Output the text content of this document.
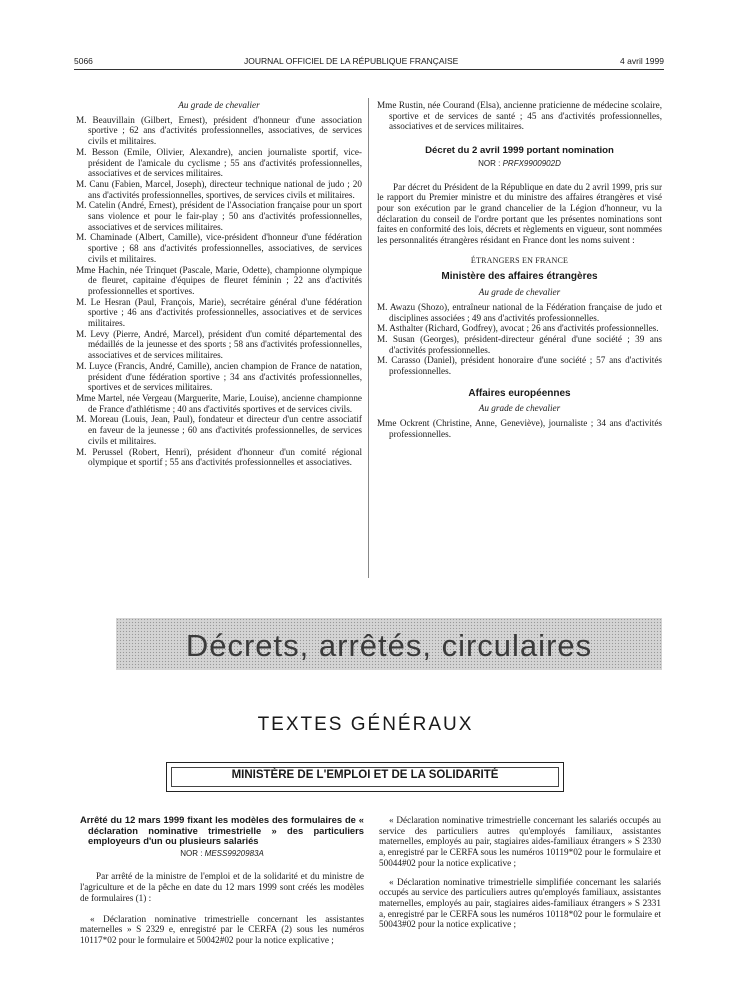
5066	JOURNAL OFFICIEL DE LA RÉPUBLIQUE FRANÇAISE	4 avril 1999

Au grade de chevalier

M. Beauvillain (Gilbert, Ernest), président d'honneur d'une association sportive ; 62 ans d'activités professionnelles, associatives, de services civils et militaires.

M. Besson (Emile, Olivier, Alexandre), ancien journaliste sportif, vice-président de l'amicale du cyclisme ; 55 ans d'activités professionnelles, associatives et de services militaires.

M. Canu (Fabien, Marcel, Joseph), directeur technique national de judo ; 20 ans d'activités professionnelles, sportives, de services civils et militaires.

M. Catelin (André, Ernest), président de l'Association française pour un sport sans violence et pour le fair-play ; 50 ans d'activités professionnelles, associatives et de services militaires.

M. Chaminade (Albert, Camille), vice-président d'honneur d'une fédération sportive ; 68 ans d'activités professionnelles, associatives, de services civils et militaires.

Mme Hachin, née Trinquet (Pascale, Marie, Odette), championne olympique de fleuret, capitaine d'équipes de fleuret féminin ; 22 ans d'activités professionnelles et sportives.

M. Le Hesran (Paul, François, Marie), secrétaire général d'une fédération sportive ; 46 ans d'activités professionnelles, associatives et de services militaires.

M. Levy (Pierre, André, Marcel), président d'un comité départemental des médaillés de la jeunesse et des sports ; 58 ans d'activités professionnelles, associatives et de services militaires.

M. Luyce (Francis, André, Camille), ancien champion de France de natation, président d'une fédération sportive ; 34 ans d'activités professionnelles, sportives et de services militaires.

Mme Martel, née Vergeau (Marguerite, Marie, Louise), ancienne championne de France d'athlétisme ; 40 ans d'activités sportives et de services civils.

M. Moreau (Louis, Jean, Paul), fondateur et directeur d'un centre associatif en faveur de la jeunesse ; 60 ans d'activités professionnelles, de services civils et militaires.

M. Perussel (Robert, Henri), président d'honneur d'un comité régional olympique et sportif ; 55 ans d'activités professionnelles et associatives.

Mme Rustin, née Courand (Elsa), ancienne praticienne de médecine scolaire, sportive et de services de santé ; 45 ans d'activités professionnelles, associatives et de services militaires.

Décret du 2 avril 1999 portant nomination

NOR : PRFX9900902D

Par décret du Président de la République en date du 2 avril 1999, pris sur le rapport du Premier ministre et du ministre des affaires étrangères et visé pour son exécution par le grand chancelier de la Légion d'honneur, vu la déclaration du conseil de l'ordre portant que les présentes nominations sont faites en conformité des lois, décrets et règlements en vigueur, sont nommées les personnalités étrangères résidant en France dont les noms suivent :

ÉTRANGERS EN FRANCE

Ministère des affaires étrangères

Au grade de chevalier

M. Awazu (Shozo), entraîneur national de la Fédération française de judo et disciplines associées ; 49 ans d'activités professionnelles.

M. Asthalter (Richard, Godfrey), avocat ; 26 ans d'activités professionnelles.

M. Susan (Georges), président-directeur général d'une société ; 39 ans d'activités professionnelles.

M. Carasso (Daniel), président honoraire d'une société ; 57 ans d'activités professionnelles.

Affaires européennes

Au grade de chevalier

Mme Ockrent (Christine, Anne, Geneviève), journaliste ; 34 ans d'activités professionnelles.

Décrets, arrêtés, circulaires
TEXTES GÉNÉRAUX
MINISTÈRE DE L'EMPLOI ET DE LA SOLIDARITÉ

Arrêté du 12 mars 1999 fixant les modèles des formulaires de « déclaration nominative trimestrielle » des particuliers employeurs d'un ou plusieurs salariés

NOR : MESS9920983A

Par arrêté de la ministre de l'emploi et de la solidarité et du ministre de l'agriculture et de la pêche en date du 12 mars 1999 sont créés les modèles de formulaires (1) :

« Déclaration nominative trimestrielle concernant les assistantes maternelles » S 2329 e, enregistré par le CERFA (2) sous les numéros 10117*02 pour le formulaire et 50042#02 pour la notice explicative ;

« Déclaration nominative trimestrielle concernant les salariés occupés au service des particuliers autres qu'employés familiaux, assistantes maternelles, employés au pair, stagiaires aides-familiaux étrangers » S 2330 a, enregistré par le CERFA sous les numéros 10119*02 pour le formulaire et 50044#02 pour la notice explicative ;

« Déclaration nominative trimestrielle simplifiée concernant les salariés occupés au service des particuliers autres qu'employés familiaux, assistantes maternelles, employés au pair, stagiaires aides-familiaux étrangers » S 2331 a, enregistré par le CERFA sous les numéros 10118*02 pour le formulaire et 50043#02 pour la notice explicative ;
